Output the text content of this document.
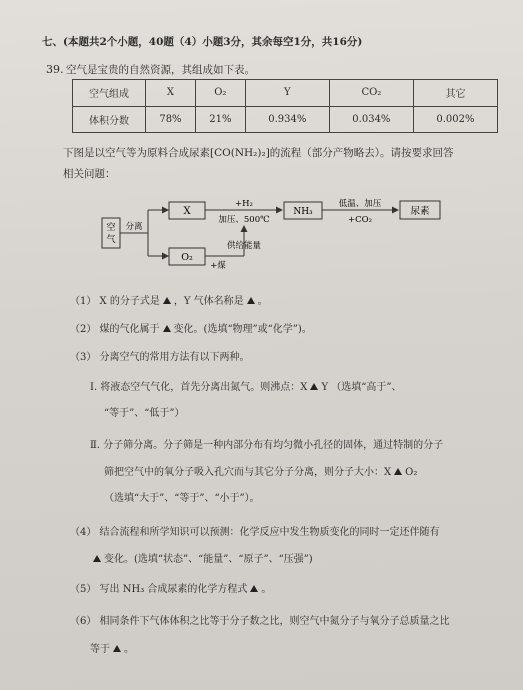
七、(本题共2个小题，40题（4）小题3分，其余每空1分，共16分)
39. 空气是宝贵的自然资源，其组成如下表。
空气组成	X	O₂	Y	CO₂	其它
体积分数	78%	21%	0.934%	0.034%	0.002%
下图是以空气等为原料合成尿素[CO(NH₂)₂]的流程（部分产物略去）。请按要求回答
相关问题：
空
气
分离
X
O₂
+H₂
加压、500℃
供给能量
+煤
NH₃
低温、加压
+CO₂
尿素
（1） X 的分子式是 ，Y 气体名称是 。
（2） 煤的气化属于 变化。(选填“物理”或“化学”)。
（3） 分离空气的常用方法有以下两种。
Ⅰ. 将液态空气气化，首先分离出氮气。则沸点：X Y （选填“高于”、
“等于”、“低于”）
Ⅱ. 分子筛分离。分子筛是一种内部分布有均匀微小孔径的固体，通过特制的分子
筛把空气中的氧分子吸入孔穴而与其它分子分离，则分子大小：X O₂
（选填“大于”、“等于”、“小于”）。
（4） 结合流程和所学知识可以预测：化学反应中发生物质变化的同时一定还伴随有
变化。(选填“状态”、“能量”、“原子”、“压强”)
（5） 写出 NH₃ 合成尿素的化学方程式 。
（6） 相同条件下气体体积之比等于分子数之比，则空气中氮分子与氧分子总质量之比
等于 。
